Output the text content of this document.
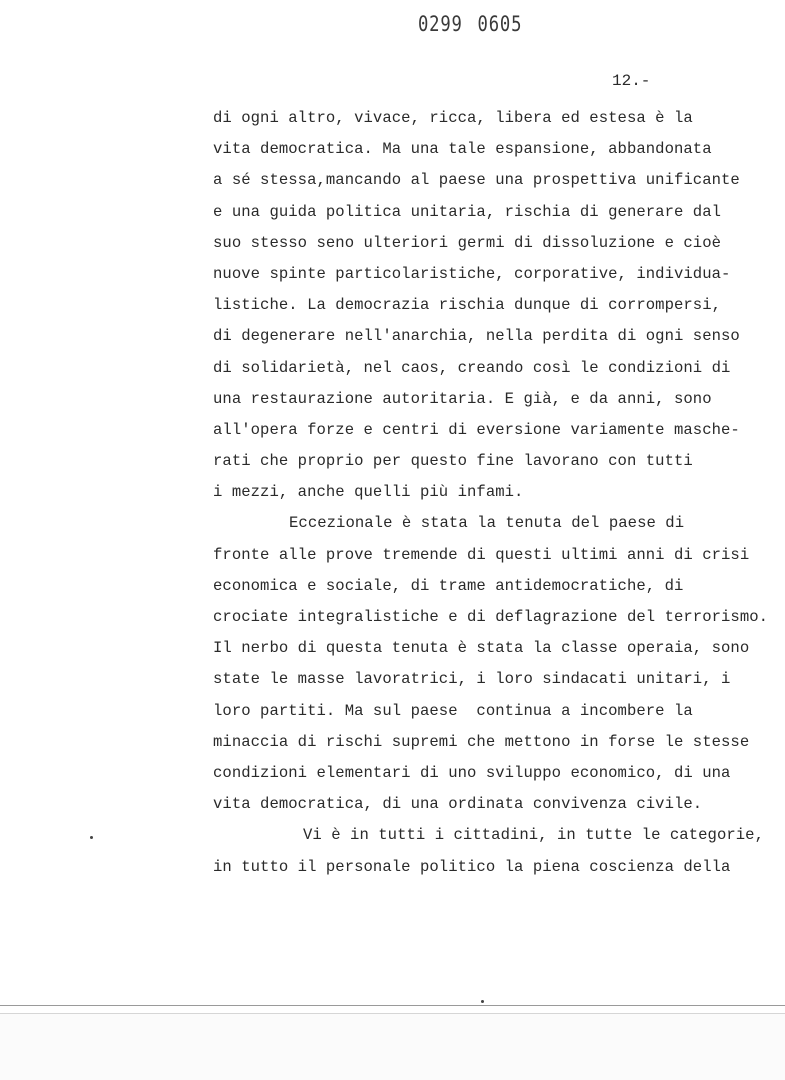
0299 0605
12.-
di ogni altro, vivace, ricca, libera ed estesa è la
vita democratica. Ma una tale espansione, abbandonata
a sé stessa,mancando al paese una prospettiva unificante
e una guida politica unitaria, rischia di generare dal
suo stesso seno ulteriori germi di dissoluzione e cioè
nuove spinte particolaristiche, corporative, individua-
listiche. La democrazia rischia dunque di corrompersi,
di degenerare nell'anarchia, nella perdita di ogni senso
di solidarietà, nel caos, creando così le condizioni di
una restaurazione autoritaria. E già, e da anni, sono
all'opera forze e centri di eversione variamente masche-
rati che proprio per questo fine lavorano con tutti
i mezzi, anche quelli più infami.
Eccezionale è stata la tenuta del paese di
fronte alle prove tremende di questi ultimi anni di crisi
economica e sociale, di trame antidemocratiche, di
crociate integralistiche e di deflagrazione del terrorismo.
Il nerbo di questa tenuta è stata la classe operaia, sono
state le masse lavoratrici, i loro sindacati unitari, i
loro partiti. Ma sul paese  continua a incombere la
minaccia di rischi supremi che mettono in forse le stesse
condizioni elementari di uno sviluppo economico, di una
vita democratica, di una ordinata convivenza civile.
Vi è in tutti i cittadini, in tutte le categorie,
in tutto il personale politico la piena coscienza della
